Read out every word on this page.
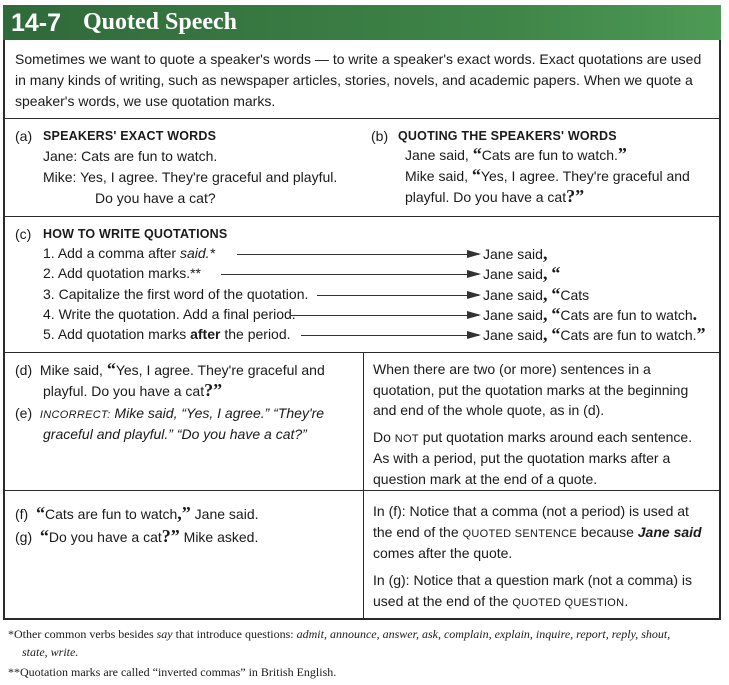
14-7 Quoted Speech
Sometimes we want to quote a speaker's words — to write a speaker's exact words. Exact quotations are used
in many kinds of writing, such as newspaper articles, stories, novels, and academic papers. When we quote a
speaker's words, we use quotation marks.
(a) SPEAKERS' EXACT WORDS
Jane: Cats are fun to watch.
Mike: Yes, I agree. They're graceful and playful.
Do you have a cat?
(b) QUOTING THE SPEAKERS' WORDS
Jane said, “Cats are fun to watch.”
Mike said, “Yes, I agree. They're graceful and
playful. Do you have a cat?”
(c) HOW TO WRITE QUOTATIONS
1. Add a comma after said.*
2. Add quotation marks.**
3. Capitalize the first word of the quotation.
4. Write the quotation. Add a final period.
5. Add quotation marks after the period.
Jane said,
Jane said, “
Jane said, “Cats
Jane said, “Cats are fun to watch.
Jane said, “Cats are fun to watch.”
(d) Mike said, “Yes, I agree. They're graceful and
playful. Do you have a cat?”
(e) INCORRECT: Mike said, “Yes, I agree.” “They're
graceful and playful.” “Do you have a cat?”
When there are two (or more) sentences in a
quotation, put the quotation marks at the beginning
and end of the whole quote, as in (d).
Do NOT put quotation marks around each sentence.
As with a period, put the quotation marks after a
question mark at the end of a quote.
(f) “Cats are fun to watch,” Jane said.
(g) “Do you have a cat?” Mike asked.
In (f): Notice that a comma (not a period) is used at
the end of the QUOTED SENTENCE because Jane said
comes after the quote.
In (g): Notice that a question mark (not a comma) is
used at the end of the QUOTED QUESTION.
*Other common verbs besides say that introduce questions: admit, announce, answer, ask, complain, explain, inquire, report, reply, shout,
state, write.
**Quotation marks are called “inverted commas” in British English.
